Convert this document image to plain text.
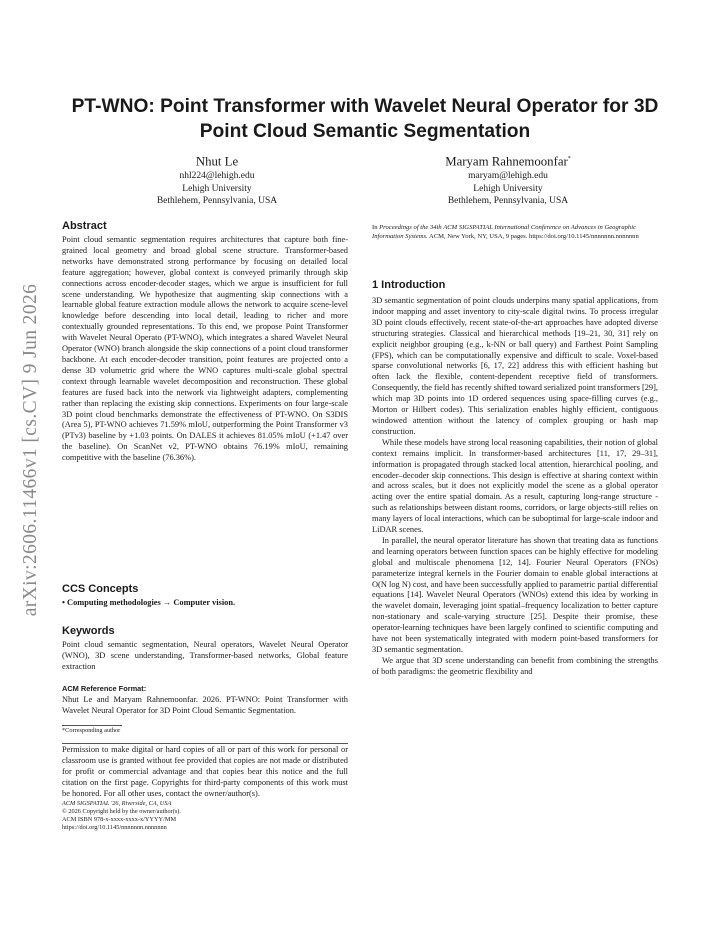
arXiv:2606.11466v1 [cs.CV] 9 Jun 2026
PT-WNO: Point Transformer with Wavelet Neural Operator for 3D Point Cloud Semantic Segmentation
Nhut Le
nhl224@lehigh.edu
Lehigh University
Bethlehem, Pennsylvania, USA
Maryam Rahnemoonfar*
maryam@lehigh.edu
Lehigh University
Bethlehem, Pennsylvania, USA
Abstract

Point cloud semantic segmentation requires architectures that capture both fine-grained local geometry and broad global scene structure. Transformer-based networks have demonstrated strong performance by focusing on detailed local feature aggregation; however, global context is conveyed primarily through skip connections across encoder-decoder stages, which we argue is insufficient for full scene understanding. We hypothesize that augmenting skip connections with a learnable global feature extraction module allows the network to acquire scene-level knowledge before descending into local detail, leading to richer and more contextually grounded representations. To this end, we propose Point Transformer with Wavelet Neural Operato (PT-WNO), which integrates a shared Wavelet Neural Operator (WNO) branch alongside the skip connections of a point cloud transformer backbone. At each encoder-decoder transition, point features are projected onto a dense 3D volumetric grid where the WNO captures multi-scale global spectral context through learnable wavelet decomposition and reconstruction. These global features are fused back into the network via lightweight adapters, complementing rather than replacing the existing skip connections. Experiments on four large-scale 3D point cloud benchmarks demonstrate the effectiveness of PT-WNO. On S3DIS (Area 5), PT-WNO achieves 71.59% mIoU, outperforming the Point Transformer v3 (PTv3) baseline by +1.03 points. On DALES it achieves 81.05% mIoU (+1.47 over the baseline). On ScanNet v2, PT-WNO obtains 76.19% mIoU, remaining competitive with the baseline (76.36%).

CCS Concepts

• Computing methodologies → Computer vision.

Keywords

Point cloud semantic segmentation, Neural operators, Wavelet Neural Operator (WNO), 3D scene understanding, Transformer-based networks, Global feature extraction

ACM Reference Format:

Nhut Le and Maryam Rahnemoonfar. 2026. PT-WNO: Point Transformer with Wavelet Neural Operator for 3D Point Cloud Semantic Segmentation.

*Corresponding author

Permission to make digital or hard copies of all or part of this work for personal or classroom use is granted without fee provided that copies are not made or distributed for profit or commercial advantage and that copies bear this notice and the full citation on the first page. Copyrights for third-party components of this work must be honored. For all other uses, contact the owner/author(s).

ACM SIGSPATIAL '26, Riverside, CA, USA
© 2026 Copyright held by the owner/author(s).
ACM ISBN 978-x-xxxx-xxxx-x/YYYY/MM
https://doi.org/10.1145/nnnnnnn.nnnnnnn

In Proceedings of the 34th ACM SIGSPATIAL International Conference on Advances in Geographic Information Systems. ACM, New York, NY, USA, 9 pages. https://doi.org/10.1145/nnnnnnn.nnnnnnn

1 Introduction

3D semantic segmentation of point clouds underpins many spatial applications, from indoor mapping and asset inventory to city-scale digital twins. To process irregular 3D point clouds effectively, recent state-of-the-art approaches have adopted diverse structuring strategies. Classical and hierarchical methods [19–21, 30, 31] rely on explicit neighbor grouping (e.g., k-NN or ball query) and Farthest Point Sampling (FPS), which can be computationally expensive and difficult to scale. Voxel-based sparse convolutional networks [6, 17, 22] address this with efficient hashing but often lack the flexible, content-dependent receptive field of transformers. Consequently, the field has recently shifted toward serialized point transformers [29], which map 3D points into 1D ordered sequences using space-filling curves (e.g., Morton or Hilbert codes). This serialization enables highly efficient, contiguous windowed attention without the latency of complex grouping or hash map construction.

While these models have strong local reasoning capabilities, their notion of global context remains implicit. In transformer-based architectures [11, 17, 29–31], information is propagated through stacked local attention, hierarchical pooling, and encoder–decoder skip connections. This design is effective at sharing context within and across scales, but it does not explicitly model the scene as a global operator acting over the entire spatial domain. As a result, capturing long-range structure - such as relationships between distant rooms, corridors, or large objects-still relies on many layers of local interactions, which can be suboptimal for large-scale indoor and LiDAR scenes.

In parallel, the neural operator literature has shown that treating data as functions and learning operators between function spaces can be highly effective for modeling global and multiscale phenomena [12, 14]. Fourier Neural Operators (FNOs) parameterize integral kernels in the Fourier domain to enable global interactions at O(N log N) cost, and have been successfully applied to parametric partial differential equations [14]. Wavelet Neural Operators (WNOs) extend this idea by working in the wavelet domain, leveraging joint spatial–frequency localization to better capture non-stationary and scale-varying structure [25]. Despite their promise, these operator-learning techniques have been largely confined to scientific computing and have not been systematically integrated with modern point-based transformers for 3D semantic segmentation.

We argue that 3D scene understanding can benefit from combining the strengths of both paradigms: the geometric flexibility and
